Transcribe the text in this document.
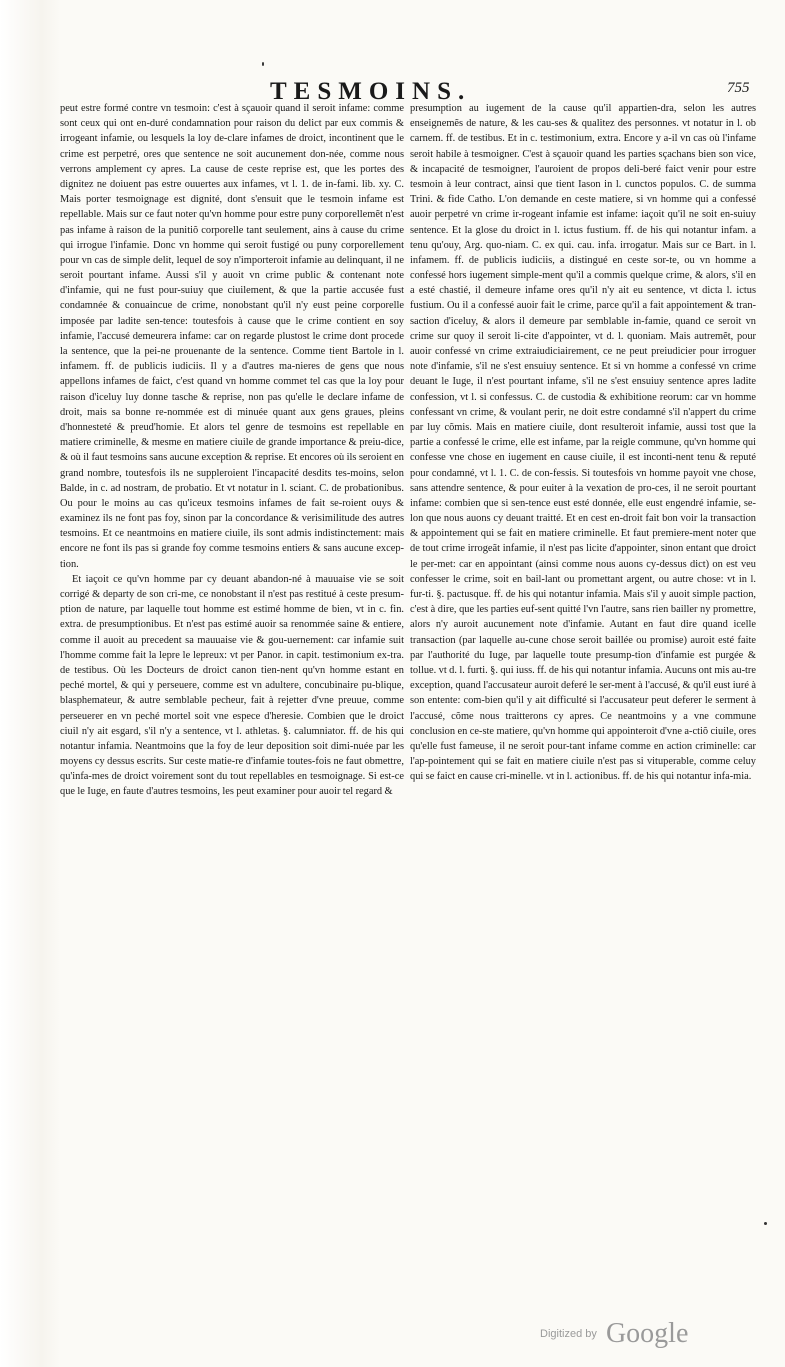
TESMOINS.	755

peut estre formé contre vn tesmoin: c'est à sçauoir quand il seroit infame: comme sont ceux qui ont en-duré condamnation pour raison du delict par eux commis & irrogeant infamie, ou lesquels la loy de-clare infames de droict, incontinent que le crime est perpetré, ores que sentence ne soit aucunement don-née, comme nous verrons amplement cy apres. La cause de ceste reprise est, que les portes des dignitez ne doiuent pas estre ouuertes aux infames, vt l. 1. de in-fami. lib. xy. C. Mais porter tesmoignage est dignité, dont s'ensuit que le tesmoin infame est repellable. Mais sur ce faut noter qu'vn homme pour estre puny corporellemẽt n'est pas infame à raison de la punitiõ corporelle tant seulement, ains à cause du crime qui irrogue l'infamie. Donc vn homme qui seroit fustigé ou puny corporellement pour vn cas de simple delit, lequel de soy n'importeroit infamie au delinquant, il ne seroit pourtant infame. Aussi s'il y auoit vn crime public & contenant note d'infamie, qui ne fust pour-suiuy que ciuilement, & que la partie accusée fust condamnée & conuaincue de crime, nonobstant qu'il n'y eust peine corporelle imposée par ladite sen-tence: toutesfois à cause que le crime contient en soy infamie, l'accusé demeurera infame: car on regarde plustost le crime dont procede la sentence, que la pei-ne prouenante de la sentence. Comme tient Bartole in l. infamem. ff. de publicis iudiciis. Il y a d'autres ma-nieres de gens que nous appellons infames de faict, c'est quand vn homme commet tel cas que la loy pour raison d'iceluy luy donne tasche & reprise, non pas qu'elle le declare infame de droit, mais sa bonne re-nommée est di minuée quant aux gens graues, pleins d'honnesteté & preud'homie. Et alors tel genre de tesmoins est repellable en matiere criminelle, & mesme en matiere ciuile de grande importance & preiu-dice, & où il faut tesmoins sans aucune exception & reprise. Et encores où ils seroient en grand nombre, toutesfois ils ne suppleroient l'incapacité desdits tes-moins, selon Balde, in c. ad nostram, de probatio. Et vt notatur in l. sciant. C. de probationibus. Ou pour le moins au cas qu'iceux tesmoins infames de fait se-roient ouys & examinez ils ne font pas foy, sinon par la concordance & verisimilitude des autres tesmoins. Et ce neantmoins en matiere ciuile, ils sont admis indistinctement: mais encore ne font ils pas si grande foy comme tesmoins entiers & sans aucune excep-tion.

Et iaçoit ce qu'vn homme par cy deuant abandon-né à mauuaise vie se soit corrigé & departy de son cri-me, ce nonobstant il n'est pas restitué à ceste presum-ption de nature, par laquelle tout homme est estimé homme de bien, vt in c. fin. extra. de presumptionibus. Et n'est pas estimé auoir sa renommée saine & entiere, comme il auoit au precedent sa mauuaise vie & gou-uernement: car infamie suit l'homme comme fait la lepre le lepreux: vt per Panor. in capit. testimonium ex-tra. de testibus. Où les Docteurs de droict canon tien-nent qu'vn homme estant en peché mortel, & qui y perseuere, comme est vn adultere, concubinaire pu-blique, blasphemateur, & autre semblable pecheur, fait à rejetter d'vne preuue, comme perseuerer en vn peché mortel soit vne espece d'heresie. Combien que le droict ciuil n'y ait esgard, s'il n'y a sentence, vt l. athletas. §. calumniator. ff. de his qui notantur infamia. Neantmoins que la foy de leur deposition soit dimi-nuée par les moyens cy dessus escrits. Sur ceste matie-re d'infamie toutes-fois ne faut obmettre, qu'infa-mes de droict voirement sont du tout repellables en tesmoignage. Si est-ce que le Iuge, en faute d'autres tesmoins, les peut examiner pour auoir tel regard &

presumption au iugement de la cause qu'il appartien-dra, selon les autres enseignemẽs de nature, & les cau-ses & qualitez des personnes. vt notatur in l. ob carnem. ff. de testibus. Et in c. testimonium, extra. Encore y a-il vn cas où l'infame seroit habile à tesmoigner. C'est à sçauoir quand les parties sçachans bien son vice, & incapacité de tesmoigner, l'auroient de propos deli-beré faict venir pour estre tesmoin à leur contract, ainsi que tient Iason in l. cunctos populos. C. de summa Trini. & fide Catho. L'on demande en ceste matiere, si vn homme qui a confessé auoir perpetré vn crime ir-rogeant infamie est infame: iaçoit qu'il ne soit en-suiuy sentence. Et la glose du droict in l. ictus fustium. ff. de his qui notantur infam. a tenu qu'ouy, Arg. quo-niam. C. ex qui. cau. infa. irrogatur. Mais sur ce Bart. in l. infamem. ff. de publicis iudiciis, a distingué en ceste sor-te, ou vn homme a confessé hors iugement simple-ment qu'il a commis quelque crime, & alors, s'il en a esté chastié, il demeure infame ores qu'il n'y ait eu sentence, vt dicta l. ictus fustium. Ou il a confessé auoir fait le crime, parce qu'il a fait appointement & tran-saction d'iceluy, & alors il demeure par semblable in-famie, quand ce seroit vn crime sur quoy il seroit li-cite d'appointer, vt d. l. quoniam. Mais autremẽt, pour auoir confessé vn crime extraiudiciairement, ce ne peut preiudicier pour irroguer note d'infamie, s'il ne s'est ensuiuy sentence. Et si vn homme a confessé vn crime deuant le Iuge, il n'est pourtant infame, s'il ne s'est ensuiuy sentence apres ladite confession, vt l. si confessus. C. de custodia & exhibitione reorum: car vn homme confessant vn crime, & voulant perir, ne doit estre condamné s'il n'appert du crime par luy cõmis. Mais en matiere ciuile, dont resulteroit infamie, aussi tost que la partie a confessé le crime, elle est infame, par la reigle commune, qu'vn homme qui confesse vne chose en iugement en cause ciuile, il est inconti-nent tenu & reputé pour condamné, vt l. 1. C. de con-fessis. Si toutesfois vn homme payoit vne chose, sans attendre sentence, & pour euiter à la vexation de pro-ces, il ne seroit pourtant infame: combien que si sen-tence eust esté donnée, elle eust engendré infamie, se-lon que nous auons cy deuant traitté. Et en cest en-droit fait bon voir la transaction & appointement qui se fait en matiere criminelle. Et faut premiere-ment noter que de tout crime irrogeãt infamie, il n'est pas licite d'appointer, sinon entant que droict le per-met: car en appointant (ainsi comme nous auons cy-dessus dict) on est veu confesser le crime, soit en bail-lant ou promettant argent, ou autre chose: vt in l. fur-ti. §. pactusque. ff. de his qui notantur infamia. Mais s'il y auoit simple paction, c'est à dire, que les parties euf-sent quitté l'vn l'autre, sans rien bailler ny promettre, alors n'y auroit aucunement note d'infamie. Autant en faut dire quand icelle transaction (par laquelle au-cune chose seroit baillée ou promise) auroit esté faite par l'authorité du Iuge, par laquelle toute presump-tion d'infamie est purgée & tollue. vt d. l. furti. §. qui iuss. ff. de his qui notantur infamia. Aucuns ont mis au-tre exception, quand l'accusateur auroit deferé le ser-ment à l'accusé, & qu'il eust iuré à son entente: com-bien qu'il y ait difficulté si l'accusateur peut deferer le serment à l'accusé, cõme nous traitterons cy apres. Ce neantmoins y a vne commune conclusion en ce-ste matiere, qu'vn homme qui appointeroit d'vne a-ctiõ ciuile, ores qu'elle fust fameuse, il ne seroit pour-tant infame comme en action criminelle: car l'ap-pointement qui se fait en matiere ciuile n'est pas si vituperable, comme celuy qui se faict en cause cri-minelle. vt in l. actionibus. ff. de his qui notantur infa-mia.

Digitized by Google
